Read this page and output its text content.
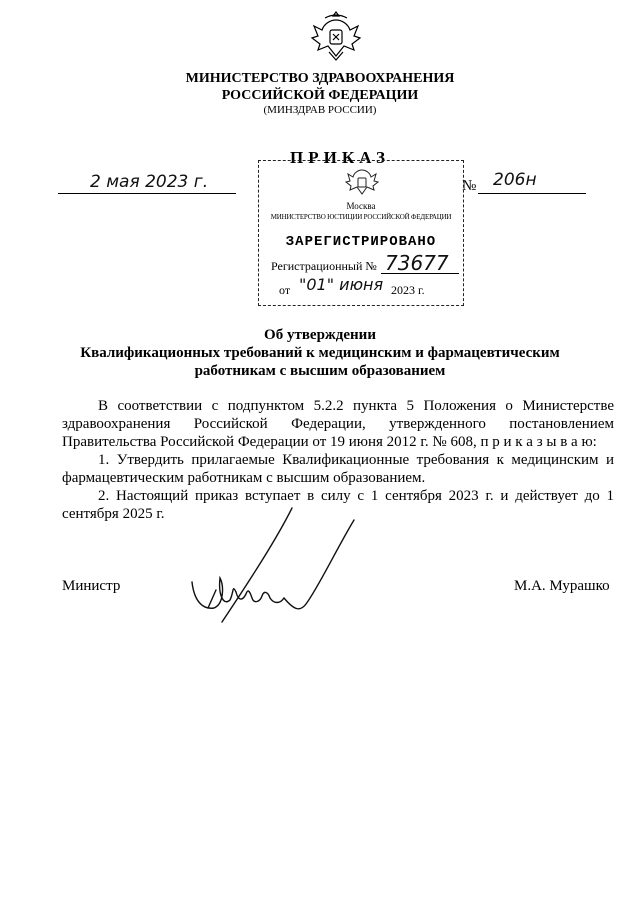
МИНИСТЕРСТВО ЗДРАВООХРАНЕНИЯ
РОССИЙСКОЙ ФЕДЕРАЦИИ
(МИНЗДРАВ РОССИИ)
ПРИКАЗ
2 мая 2023 г.	№ 206н
Москва
МИНИСТЕРСТВО ЮСТИЦИИ РОССИЙСКОЙ ФЕДЕРАЦИИ
ЗАРЕГИСТРИРОВАНО
Регистрационный № 73677
от "01" июня 2023 г.
Об утверждении
Квалификационных требований к медицинским и фармацевтическим
работникам с высшим образованием

В соответствии с подпунктом 5.2.2 пункта 5 Положения о Министерстве здравоохранения Российской Федерации, утвержденного постановлением Правительства Российской Федерации от 19 июня 2012 г. № 608, п р и к а з ы в а ю:

1. Утвердить прилагаемые Квалификационные требования к медицинским и фармацевтическим работникам с высшим образованием.

2. Настоящий приказ вступает в силу с 1 сентября 2023 г. и действует до 1 сентября 2025 г.

Министр	М.А. Мурашко
